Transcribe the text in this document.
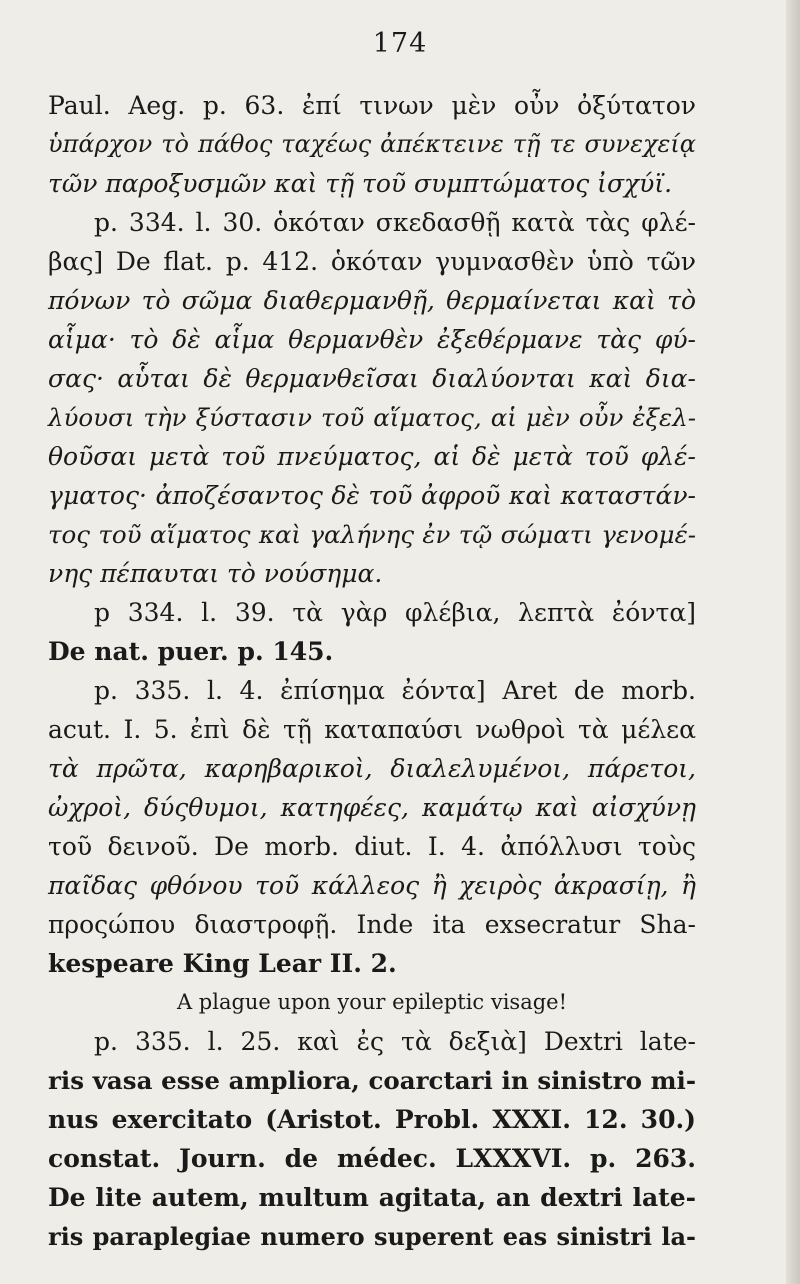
174
Paul. Aeg. p. 63. ἐπί τινων μὲν οὖν ὀξύτατον
ὑπάρχον τὸ πάθος ταχέως ἀπέκτεινε τῇ τε συνεχείᾳ
τῶν παροξυσμῶν καὶ τῇ τοῦ συμπτώματος ἰσχύϊ.
p. 334. l. 30. ὁκόταν σκεδασθῇ κατὰ τὰς φλέ-
βας] De flat. p. 412. ὁκόταν γυμνασθὲν ὑπὸ τῶν
πόνων τὸ σῶμα διαθερμανθῇ, θερμαίνεται καὶ τὸ
αἷμα· τὸ δὲ αἷμα θερμανθὲν ἐξεθέρμανε τὰς φύ-
σας· αὗται δὲ θερμανθεῖσαι διαλύονται καὶ δια-
λύουσι τὴν ξύστασιν τοῦ αἵματος, αἱ μὲν οὖν ἐξελ-
θοῦσαι μετὰ τοῦ πνεύματος, αἱ δὲ μετὰ τοῦ φλέ-
γματος· ἀποζέσαντος δὲ τοῦ ἀφροῦ καὶ καταστάν-
τος τοῦ αἵματος καὶ γαλήνης ἐν τῷ σώματι γενομέ-
νης πέπαυται τὸ νούσημα.
p 334. l. 39. τὰ γὰρ φλέβια, λεπτὰ ἐόντα]
De nat. puer. p. 145.
p. 335. l. 4. ἐπίσημα ἐόντα] Aret de morb.
acut. I. 5. ἐπὶ δὲ τῇ καταπαύσι νωθροὶ τὰ μέλεα
τὰ πρῶτα, καρηβαρικοὶ, διαλελυμένοι, πάρετοι,
ὠχροὶ, δύςθυμοι, κατηφέες, καμάτῳ καὶ αἰσχύνῃ
τοῦ δεινοῦ. De morb. diut. I. 4. ἀπόλλυσι τοὺς
παῖδας φθόνου τοῦ κάλλεος ἢ χειρὸς ἀκρασίῃ, ἢ
προςώπου διαστροφῇ. Inde ita exsecratur Sha-
kespeare King Lear II. 2.
A plague upon your epileptic visage!
p. 335. l. 25. καὶ ἐς τὰ δεξιὰ] Dextri late-
ris vasa esse ampliora, coarctari in sinistro mi-
nus exercitato (Aristot. Probl. XXXI. 12. 30.)
constat. Journ. de médec. LXXXVI. p. 263.
De lite autem, multum agitata, an dextri late-
ris paraplegiae numero superent eas sinistri la-
